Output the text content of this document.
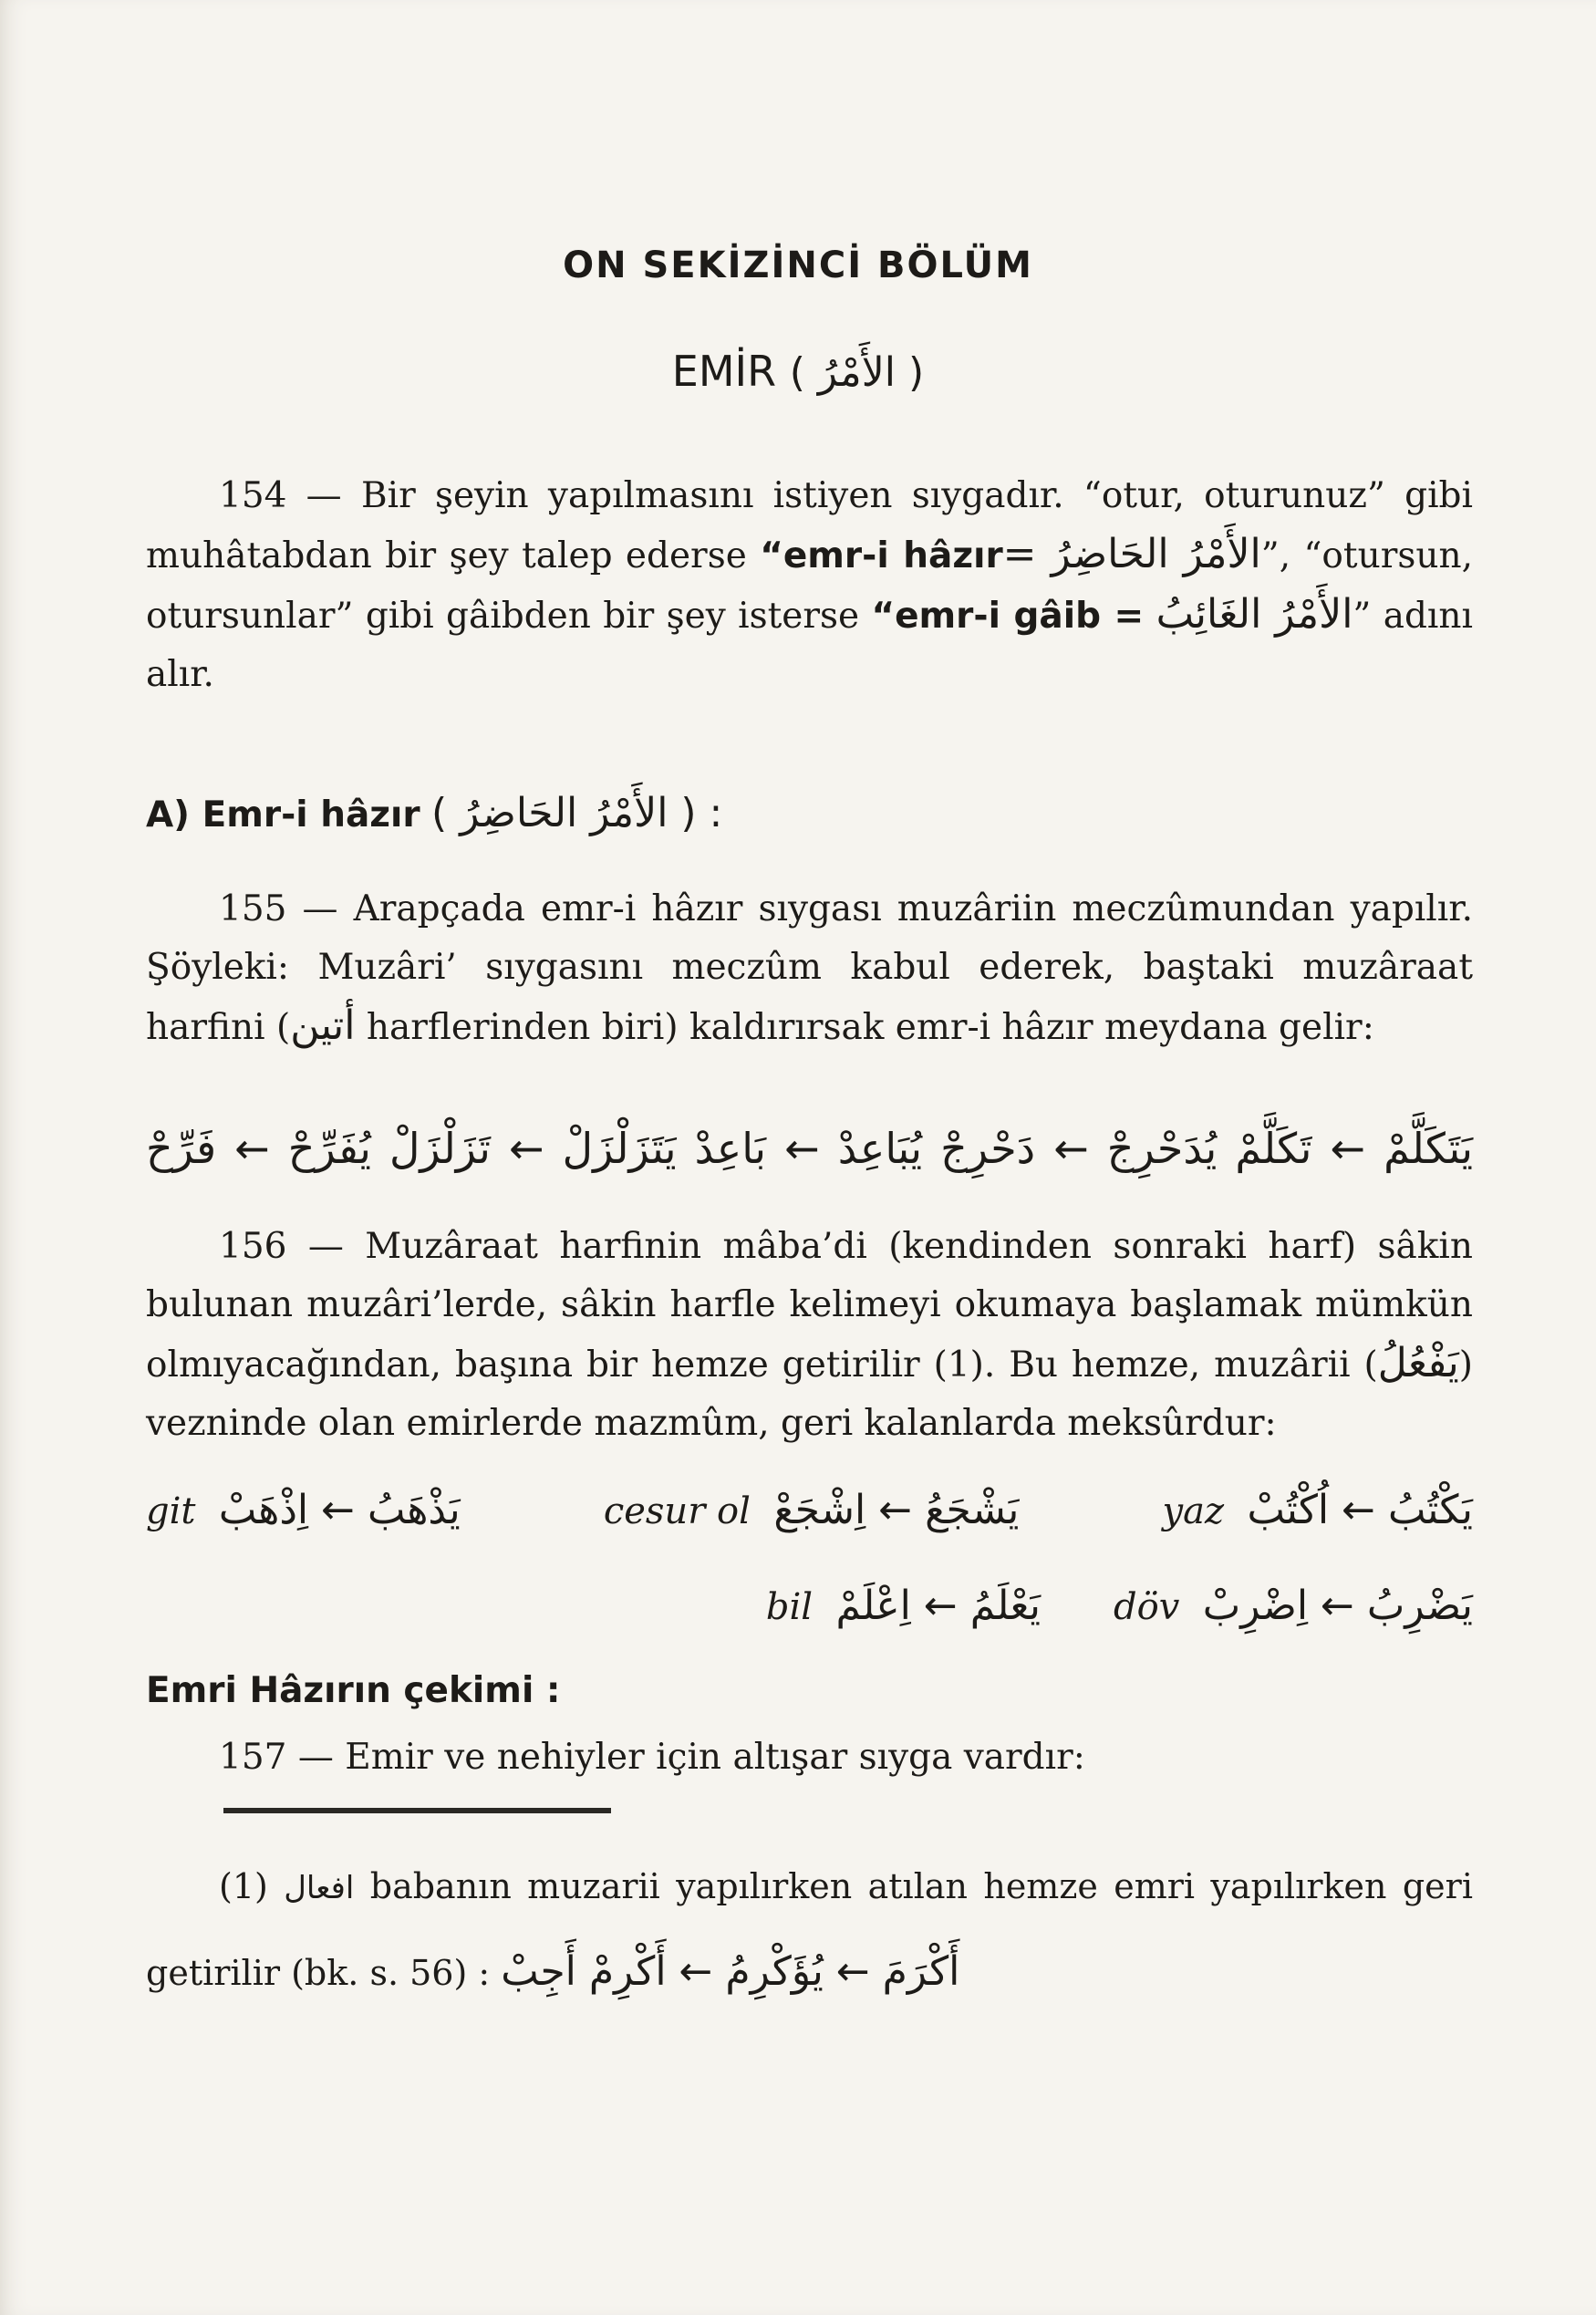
ON SEKİZİNCİ BÖLÜM
EMİR ( الأَمْرُ )
154 — Bir şeyin yapılmasını istiyen sıygadır. “otur, oturunuz” gibi muhâtabdan bir şey talep ederse “emr-i hâzır= الأَمْرُ الحَاضِرُ”, “otursun, otursunlar” gibi gâibden bir şey isterse “emr-i gâib = الأَمْرُ الغَائِبُ” adını alır.
A) Emr-i hâzır ( الأَمْرُ الحَاضِرُ ) :
155 — Arapçada emr-i hâzır sıygası muzâriin meczûmundan yapılır. Şöyleki: Muzâri’ sıygasını meczûm kabul ederek, baştaki muzâraat harfini (أتين harflerinden biri) kaldırırsak emr-i hâzır meydana gelir:
يَتَكَلَّمْ ← تَكَلَّمْ يُدَحْرِجْ ← دَحْرِجْ يُبَاعِدْ ← بَاعِدْ يَتَزَلْزَلْ ← تَزَلْزَلْ يُفَرِّحْ ← فَرِّحْ
156 — Muzâraat harfinin mâba’di (kendinden sonraki harf) sâkin bulunan muzâri’lerde, sâkin harfle kelimeyi okumaya başlamak mümkün olmıyacağından, başına bir hemze getirilir (1). Bu hemze, muzârii (يَفْعُلُ) vezninde olan emirlerde mazmûm, geri kalanlarda meksûrdur:
git يَذْهَبُ ← اِذْهَبْ	cesur ol يَشْجَعُ ← اِشْجَعْ	yaz يَكْتُبُ ← اُكْتُبْ
bil يَعْلَمُ ← اِعْلَمْ döv يَضْرِبُ ← اِضْرِبْ
Emri Hâzırın çekimi :
157 — Emir ve nehiyler için altışar sıyga vardır:
(1) افعال babanın muzarii yapılırken atılan hemze emri yapılırken geri getirilir (bk. s. 56) : أَكْرَمَ ← يُؤَكْرِمُ ← أَكْرِمْ أَجِبْ
